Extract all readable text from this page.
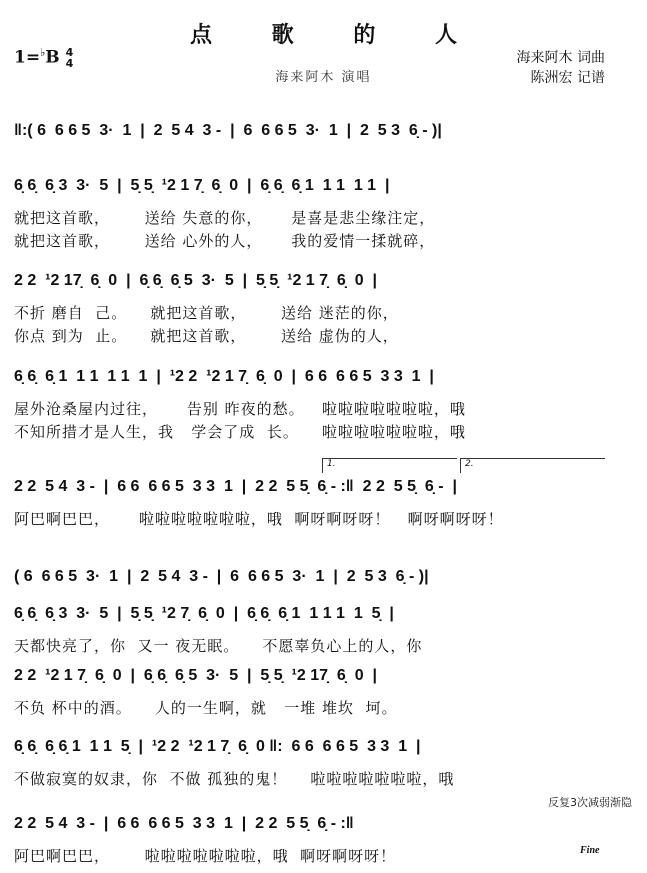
点 歌 的 人
1=♭B 4
4
海来阿木 演唱
海来阿木 词曲
陈洲宏 记谱
‖:( 6  6 6 5  3·  1  |  2  5 4  3 -  |  6  6 6 5  3·  1  |  2  5 3  6̣ - )|
6̣ 6̣  6̣ 3  3·  5  |  5̣ 5̣  ¹2 1 7̣  6̣  0  |  6̣ 6̣  6̣ 1  1 1  1 1  |
就把这首歌，      送给 失意的你，     是喜是悲尘缘注定，
就把这首歌，      送给 心外的人，     我的爱情一揉就碎，
2 2  ¹2 17̣  6̣  0  |  6̣ 6̣  6̣ 5  3·  5  |  5̣ 5̣  ¹2 1 7̣  6̣  0  |
不折 磨自  己。    就把这首歌，      送给 迷茫的你，
你点 到为  止。    就把这首歌，      送给 虚伪的人，
6̣ 6̣  6̣ 1  1 1  1 1  1  |  ¹2 2  ¹2 1 7̣  6̣  0  |  6 6  6 6 5  3 3  1  |
屋外沧桑屋内过往，     告别 昨夜的愁。   啦啦啦啦啦啦啦，哦
不知所措才是人生，我   学会了成  长。    啦啦啦啦啦啦啦，哦
1.	2.
2 2  5 4  3 -  |  6 6  6 6 5  3 3  1  |  2 2  5 5̣  6̣ - :‖  2 2  5 5̣  6̣ -  |
阿巴啊巴巴，     啦啦啦啦啦啦啦，哦  啊呀啊呀呀！   啊呀啊呀呀！
( 6  6 6 5  3·  1  |  2  5 4  3 -  |  6  6 6 5  3·  1  |  2  5 3  6̣ - )|
6̣ 6̣  6̣ 3  3·  5  |  5̣ 5̣  ¹2 7̣  6̣  0  |  6̣ 6̣  6̣ 1  1 1 1  1  5̣  |
天都快亮了，你  又一 夜无眠。    不愿辜负心上的人，你
2 2  ¹2 1 7̣  6̣  0  |  6̣ 6̣  6̣ 5  3·  5  |  5̣ 5̣  ¹2 17̣  6̣  0  |
不负 杯中的酒。    人的一生啊，就   一堆 堆坎  坷。
6̣ 6̣  6̣ 6̣ 1  1 1  5̣  |  ¹2 2  ¹2 1 7̣  6̣  0 ‖:  6 6  6 6 5  3 3  1  |
不做寂寞的奴隶，你  不做 孤独的鬼！    啦啦啦啦啦啦啦，哦
反复3次减弱渐隐
2 2  5 4  3 -  |  6 6  6 6 5  3 3  1  |  2 2  5 5̣  6̣ - :‖
阿巴啊巴巴，      啦啦啦啦啦啦啦，哦  啊呀啊呀呀！	Fine
